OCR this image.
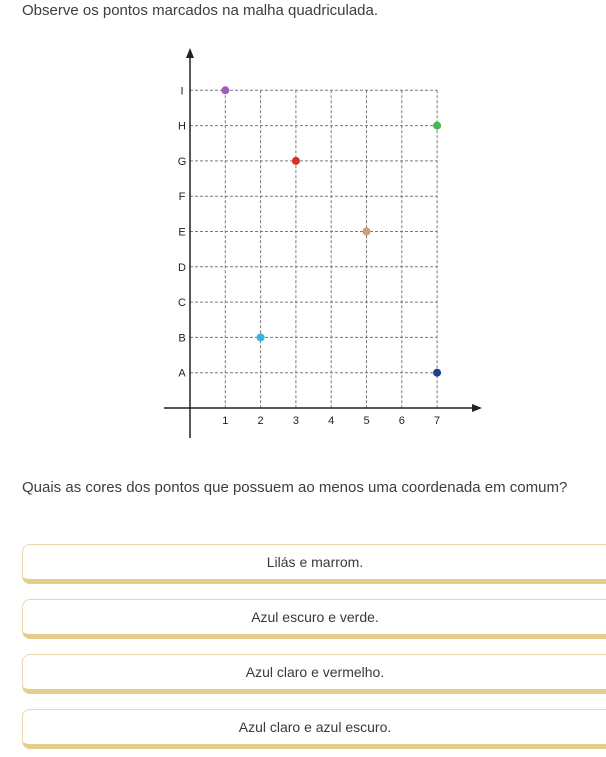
Observe os pontos marcados na malha quadriculada.

1	2	3	4	5	6	7
A
B
C
D
E
F
G
H
I

Quais as cores dos pontos que possuem ao menos uma coordenada em comum?

Lilás e marrom.
Azul escuro e verde.
Azul claro e vermelho.
Azul claro e azul escuro.
